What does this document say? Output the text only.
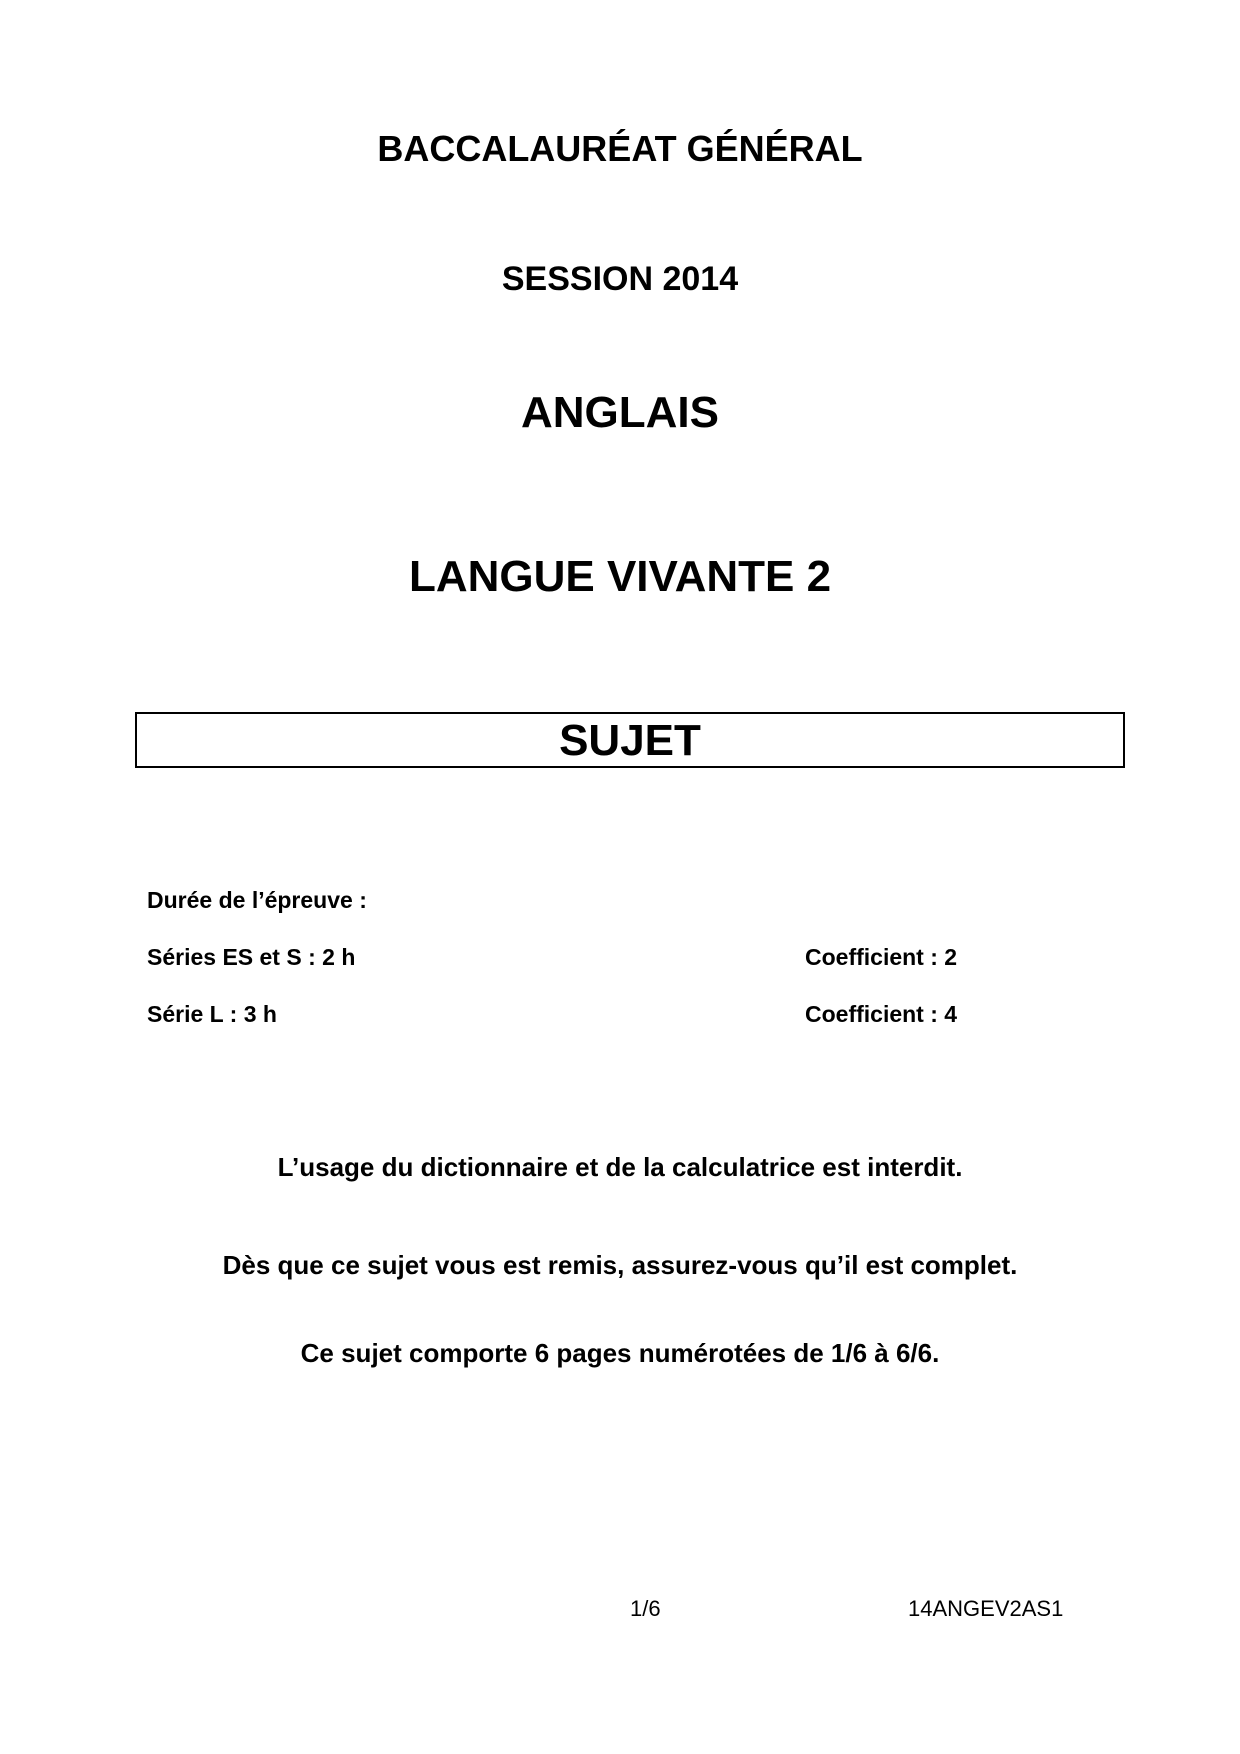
BACCALAURÉAT GÉNÉRAL
SESSION 2014
ANGLAIS
LANGUE VIVANTE 2
SUJET
Durée de l’épreuve :
Séries ES et S : 2 h	Coefficient : 2
Série L : 3 h	Coefficient : 4
L’usage du dictionnaire et de la calculatrice est interdit.
Dès que ce sujet vous est remis, assurez-vous qu’il est complet.
Ce sujet comporte 6 pages numérotées de 1/6 à 6/6.
1/6	14ANGEV2AS1
